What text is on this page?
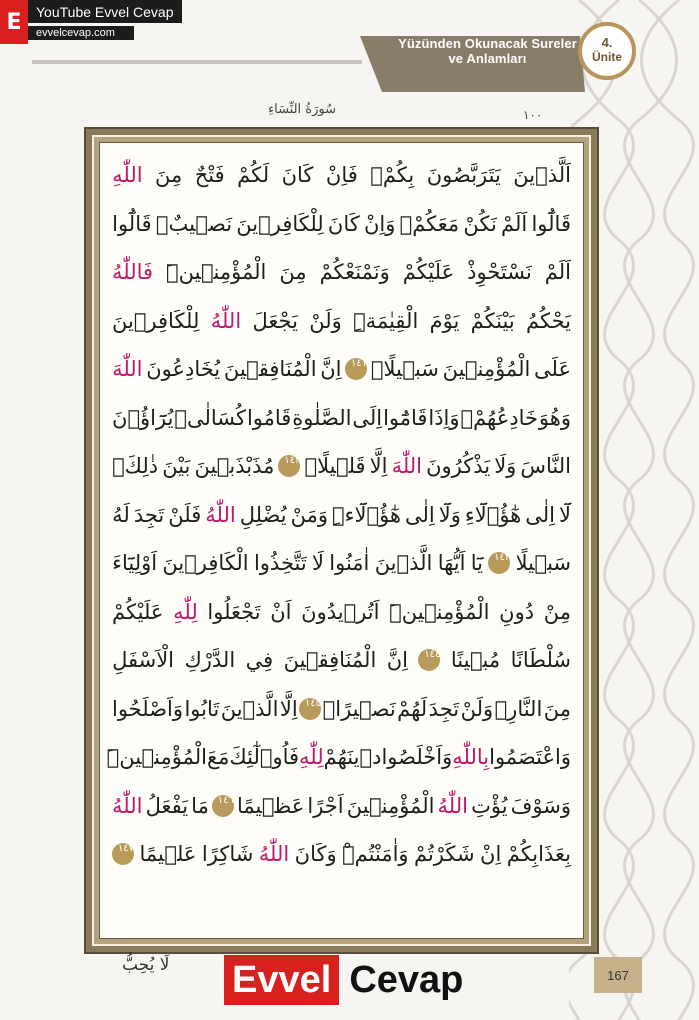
E	YouTube Evvel Cevap
evvelcevap.com
Yüzünden Okunacak Sureler
ve Anlamları
4.
Ünite
سُورَةُ النِّسَاءِ	١٠٠
اَلَّذ۪ينَ
يَتَرَبَّصُونَ
بِكُمْۚ
فَاِنْ
كَانَ
لَكُمْ
فَتْحٌ
مِنَ
اللّٰهِ
قَالُٓوا
اَلَمْ
نَكُنْ
مَعَكُمْۘ
وَاِنْ
كَانَ
لِلْكَافِر۪ينَ
نَص۪يبٌۙ
قَالُٓوا
اَلَمْ
نَسْتَحْوِذْ
عَلَيْكُمْ
وَنَمْنَعْكُمْ
مِنَ
الْمُؤْمِن۪ينَۜ
فَاللّٰهُ
يَحْكُمُ
بَيْنَكُمْ
يَوْمَ
الْقِيٰمَةِۜ
وَلَنْ
يَجْعَلَ
اللّٰهُ
لِلْكَافِر۪ينَ
عَلَى
الْمُؤْمِن۪ينَ
سَب۪يلًاࣖ
١٤١
اِنَّ
الْمُنَافِق۪ينَ
يُخَادِعُونَ
اللّٰهَ
وَهُوَ
خَادِعُهُمْۚ
وَاِذَا
قَامُٓوا
اِلَى
الصَّلٰوةِ
قَامُوا
كُسَالٰىۙ
يُرَٓاؤُ۫نَ
النَّاسَ
وَلَا
يَذْكُرُونَ
اللّٰهَ
اِلَّا
قَل۪يلًاۘ
١٤٢
مُذَبْذَب۪ينَ
بَيْنَ
ذٰلِكَۗ
لَٓا
اِلٰى
هٰٓؤُ۬لَٓاءِ
وَلَٓا
اِلٰى
هٰٓؤُ۬لَٓاءِۜ
وَمَنْ
يُضْلِلِ
اللّٰهُ
فَلَنْ
تَجِدَ
لَهُ
سَب۪يلًا
١٤٣
يَٓا
اَيُّهَا
الَّذ۪ينَ
اٰمَنُوا
لَا
تَتَّخِذُوا
الْكَافِر۪ينَ
اَوْلِيَٓاءَ
مِنْ
دُونِ
الْمُؤْمِن۪ينَۜ
اَتُر۪يدُونَ
اَنْ
تَجْعَلُوا
لِلّٰهِ
عَلَيْكُمْ
سُلْطَانًا
مُب۪ينًا
١٤٤
اِنَّ
الْمُنَافِق۪ينَ
فِي
الدَّرْكِ
الْاَسْفَلِ
مِنَ
النَّارِۚ
وَلَنْ
تَجِدَ
لَهُمْ
نَص۪يرًاۙ
١٤٥
اِلَّا
الَّذ۪ينَ
تَابُوا
وَاَصْلَحُوا
وَاعْتَصَمُوا
بِاللّٰهِ
وَاَخْلَصُوا
د۪ينَهُمْ
لِلّٰهِ
فَاُو۬لٰٓئِكَ
مَعَ
الْمُؤْمِن۪ينَۜ
وَسَوْفَ
يُؤْتِ
اللّٰهُ
الْمُؤْمِن۪ينَ
اَجْرًا
عَظ۪يمًا
١٤٦
مَا
يَفْعَلُ
اللّٰهُ
بِعَذَابِكُمْ
اِنْ
شَكَرْتُمْ
وَاٰمَنْتُمْۜ
وَكَانَ
اللّٰهُ
شَاكِرًا
عَل۪يمًا
١٤٧
لَا يُحِبُّ Evvel Cevap	167
